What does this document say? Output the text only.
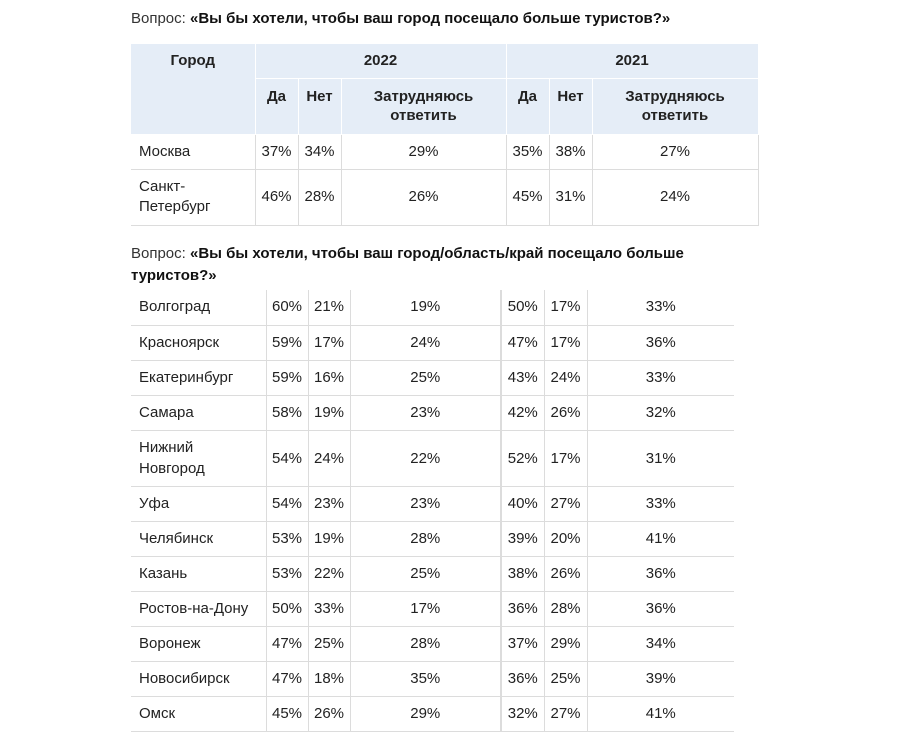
Вопрос: «Вы бы хотели, чтобы ваш город посещало больше туристов?»
Город	2022			2021		
	Да	Нет	Затрудняюсь ответить	Да	Нет	Затрудняюсь ответить
Москва	37%	34%	29%	35%	38%	27%
Санкт-Петербург	46%	28%	26%	45%	31%	24%
Вопрос: «Вы бы хотели, чтобы ваш город/область/край посещало больше туристов?»
Волгоград	60%	21%	19%	50%	17%	33%
Красноярск	59%	17%	24%	47%	17%	36%
Екатеринбург	59%	16%	25%	43%	24%	33%
Самара	58%	19%	23%	42%	26%	32%
Нижний Новгород	54%	24%	22%	52%	17%	31%
Уфа	54%	23%	23%	40%	27%	33%
Челябинск	53%	19%	28%	39%	20%	41%
Казань	53%	22%	25%	38%	26%	36%
Ростов-на-Дону	50%	33%	17%	36%	28%	36%
Воронеж	47%	25%	28%	37%	29%	34%
Новосибирск	47%	18%	35%	36%	25%	39%
Омск	45%	26%	29%	32%	27%	41%
